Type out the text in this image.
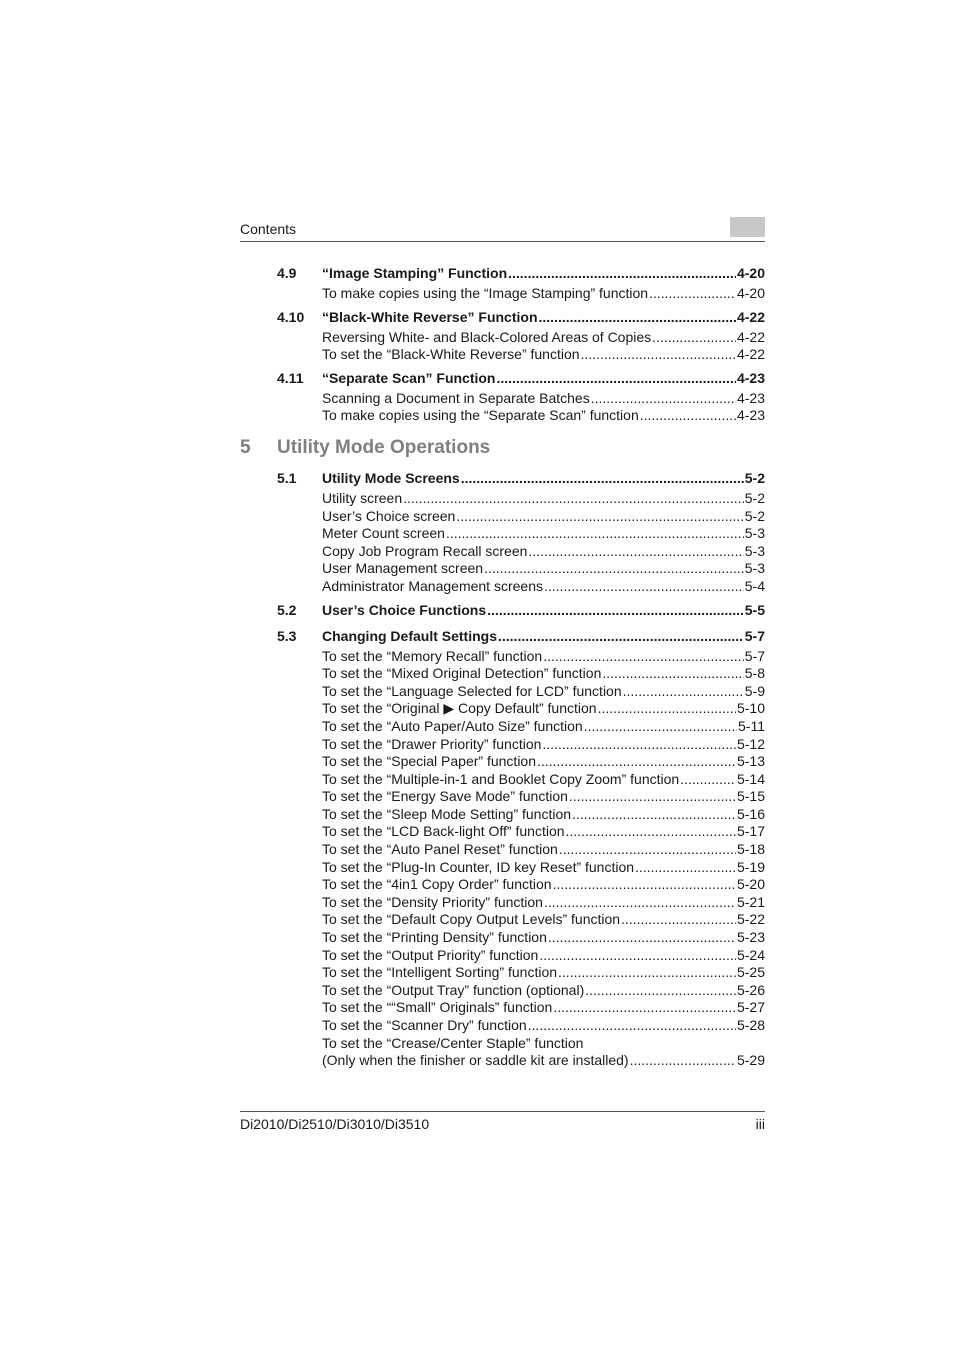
Contents
4.9	“Image Stamping” Function .....	4-20
To make copies using the “Image Stamping” function .....	4-20
4.10	“Black-White Reverse” Function .....	4-22
Reversing White- and Black-Colored Areas of Copies .....	4-22
To set the “Black-White Reverse” function .....	4-22
4.11	“Separate Scan” Function .....	4-23
Scanning a Document in Separate Batches .....	4-23
To make copies using the “Separate Scan” function .....	4-23
5	Utility Mode Operations
5.1	Utility Mode Screens .....	5-2
Utility screen .....	5-2
User’s Choice screen .....	5-2
Meter Count screen .....	5-3
Copy Job Program Recall screen .....	5-3
User Management screen .....	5-3
Administrator Management screens .....	5-4
5.2	User’s Choice Functions .....	5-5
5.3	Changing Default Settings .....	5-7
To set the “Memory Recall” function .....	5-7
To set the “Mixed Original Detection” function .....	5-8
To set the “Language Selected for LCD” function .....	5-9
To set the “Original ▶ Copy Default” function .....	5-10
To set the “Auto Paper/Auto Size” function .....	5-11
To set the “Drawer Priority” function .....	5-12
To set the “Special Paper” function .....	5-13
To set the “Multiple-in-1 and Booklet Copy Zoom” function .....	5-14
To set the “Energy Save Mode” function .....	5-15
To set the “Sleep Mode Setting” function .....	5-16
To set the “LCD Back-light Off” function .....	5-17
To set the “Auto Panel Reset” function .....	5-18
To set the “Plug-In Counter, ID key Reset” function .....	5-19
To set the “4in1 Copy Order” function .....	5-20
To set the “Density Priority” function .....	5-21
To set the “Default Copy Output Levels” function .....	5-22
To set the “Printing Density” function .....	5-23
To set the “Output Priority” function .....	5-24
To set the “Intelligent Sorting” function .....	5-25
To set the “Output Tray” function (optional) .....	5-26
To set the ““Small” Originals” function .....	5-27
To set the “Scanner Dry” function .....	5-28
To set the “Crease/Center Staple” function
(Only when the finisher or saddle kit are installed) .....	5-29
Di2010/Di2510/Di3010/Di3510	iii
